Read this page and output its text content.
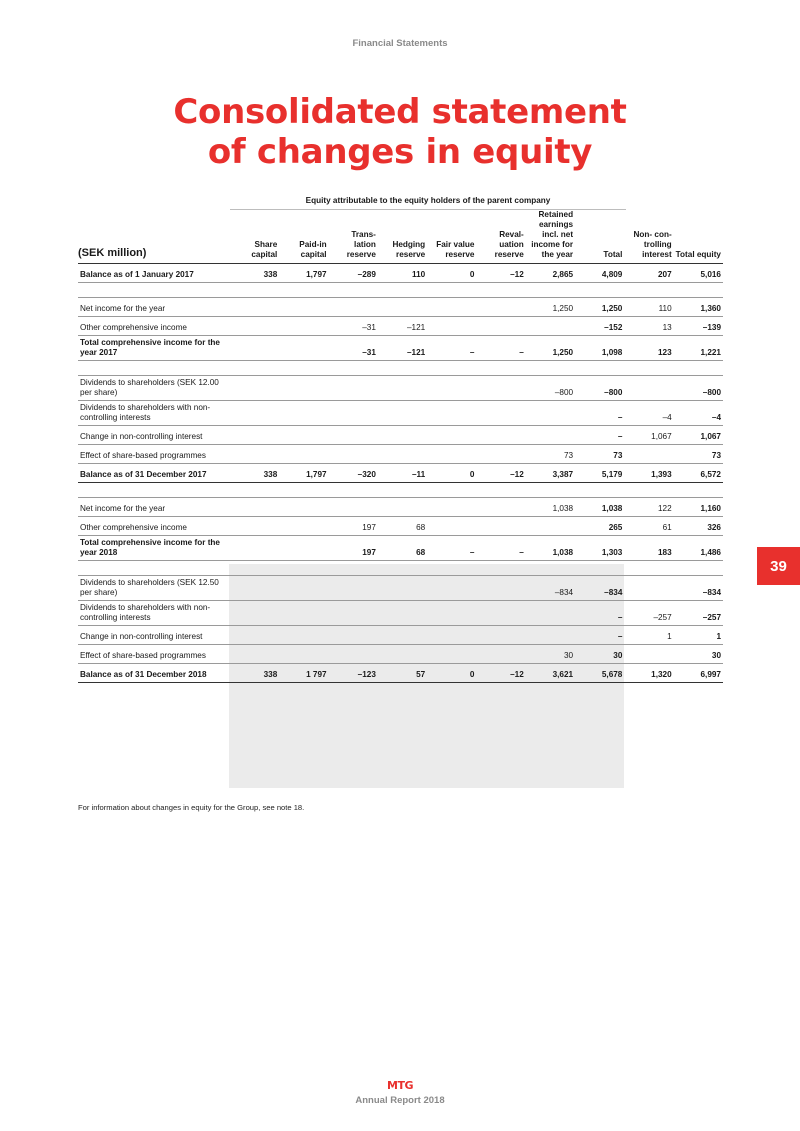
Financial Statements
Consolidated statement
of changes in equity
39
Equity attributable to the equity holders of the parent company
(SEK million)	Share capital	Paid-in capital	Trans- lation reserve	Hedging reserve	Fair value reserve	Reval- uation reserve	Retained earnings incl. net income for the year	Total	Non- con- trolling interest	Total equity
Balance as of 1 January 2017	338	1,797	–289	110	0	–12	2,865	4,809	207	5,016

Net income for the year							1,250	1,250	110	1,360
Other comprehensive income			–31	–121				–152	13	–139
Total comprehensive income for the year 2017			–31	–121	–	–	1,250	1,098	123	1,221

Dividends to shareholders (SEK 12.00 per share)							–800	–800		–800
Dividends to shareholders with non-controlling interests								–	–4	–4
Change in non-controlling interest								–	1,067	1,067
Effect of share-based programmes							73	73		73
Balance as of 31 December 2017	338	1,797	–320	–11	0	–12	3,387	5,179	1,393	6,572

Net income for the year							1,038	1,038	122	1,160
Other comprehensive income			197	68				265	61	326
Total comprehensive income for the year 2018			197	68	–	–	1,038	1,303	183	1,486

Dividends to shareholders (SEK 12.50 per share)							–834	–834		–834
Dividends to shareholders with non-controlling interests								–	–257	–257
Change in non-controlling interest								–	1	1
Effect of share-based programmes							30	30		30
Balance as of 31 December 2018	338	1 797	–123	57	0	–12	3,621	5,678	1,320	6,997
For information about changes in equity for the Group, see note 18.
MTG
Annual Report 2018
